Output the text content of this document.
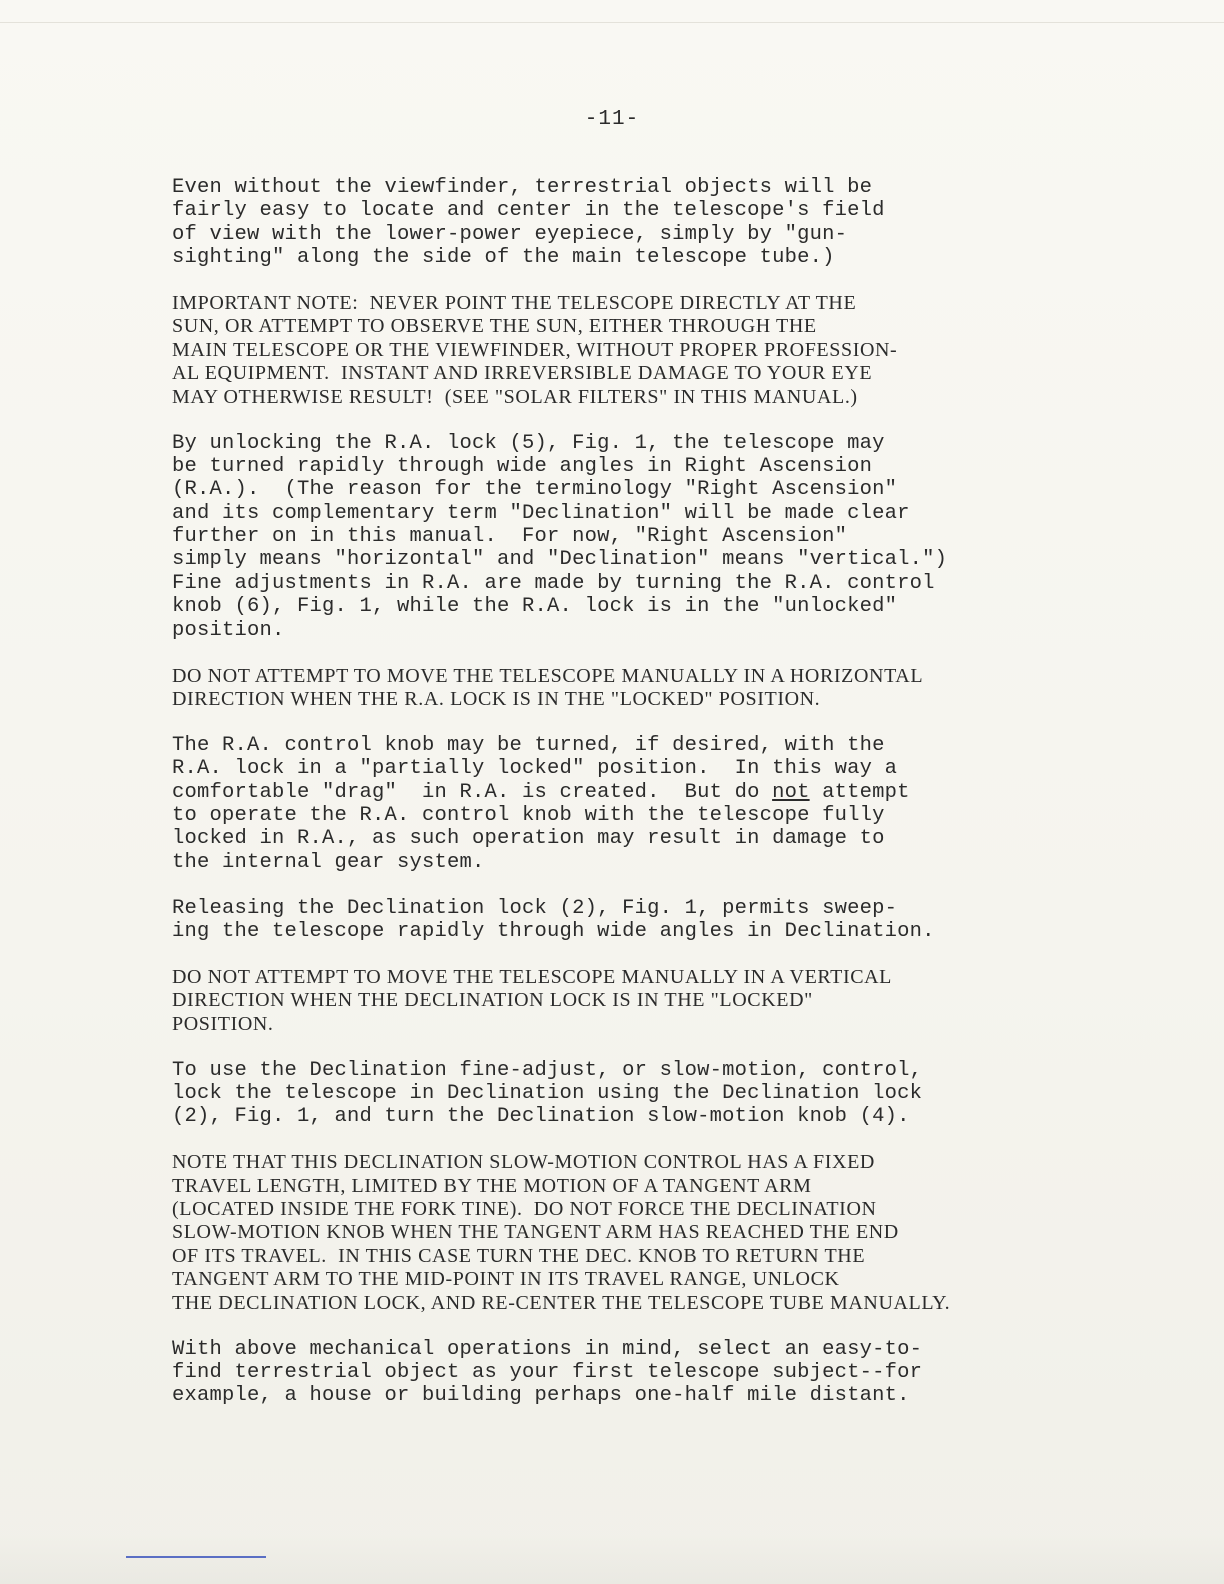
-11-
Even without the viewfinder, terrestrial objects will be
fairly easy to locate and center in the telescope's field
of view with the lower-power eyepiece, simply by "gun-
sighting" along the side of the main telescope tube.)
IMPORTANT NOTE:  NEVER POINT THE TELESCOPE DIRECTLY AT THE
SUN, OR ATTEMPT TO OBSERVE THE SUN, EITHER THROUGH THE
MAIN TELESCOPE OR THE VIEWFINDER, WITHOUT PROPER PROFESSION-
AL EQUIPMENT.  INSTANT AND IRREVERSIBLE DAMAGE TO YOUR EYE
MAY OTHERWISE RESULT!  (SEE "SOLAR FILTERS" IN THIS MANUAL.)
By unlocking the R.A. lock (5), Fig. 1, the telescope may
be turned rapidly through wide angles in Right Ascension
(R.A.).  (The reason for the terminology "Right Ascension"
and its complementary term "Declination" will be made clear
further on in this manual.  For now, "Right Ascension"
simply means "horizontal" and "Declination" means "vertical.")
Fine adjustments in R.A. are made by turning the R.A. control
knob (6), Fig. 1, while the R.A. lock is in the "unlocked"
position.
DO NOT ATTEMPT TO MOVE THE TELESCOPE MANUALLY IN A HORIZONTAL
DIRECTION WHEN THE R.A. LOCK IS IN THE "LOCKED" POSITION.
The R.A. control knob may be turned, if desired, with the
R.A. lock in a "partially locked" position.  In this way a
comfortable "drag"  in R.A. is created.  But do not attempt
to operate the R.A. control knob with the telescope fully
locked in R.A., as such operation may result in damage to
the internal gear system.
Releasing the Declination lock (2), Fig. 1, permits sweep-
ing the telescope rapidly through wide angles in Declination.
DO NOT ATTEMPT TO MOVE THE TELESCOPE MANUALLY IN A VERTICAL
DIRECTION WHEN THE DECLINATION LOCK IS IN THE "LOCKED"
POSITION.
To use the Declination fine-adjust, or slow-motion, control,
lock the telescope in Declination using the Declination lock
(2), Fig. 1, and turn the Declination slow-motion knob (4).
NOTE THAT THIS DECLINATION SLOW-MOTION CONTROL HAS A FIXED
TRAVEL LENGTH, LIMITED BY THE MOTION OF A TANGENT ARM
(LOCATED INSIDE THE FORK TINE).  DO NOT FORCE THE DECLINATION
SLOW-MOTION KNOB WHEN THE TANGENT ARM HAS REACHED THE END
OF ITS TRAVEL.  IN THIS CASE TURN THE DEC. KNOB TO RETURN THE
TANGENT ARM TO THE MID-POINT IN ITS TRAVEL RANGE, UNLOCK
THE DECLINATION LOCK, AND RE-CENTER THE TELESCOPE TUBE MANUALLY.
With above mechanical operations in mind, select an easy-to-
find terrestrial object as your first telescope subject--for
example, a house or building perhaps one-half mile distant.
